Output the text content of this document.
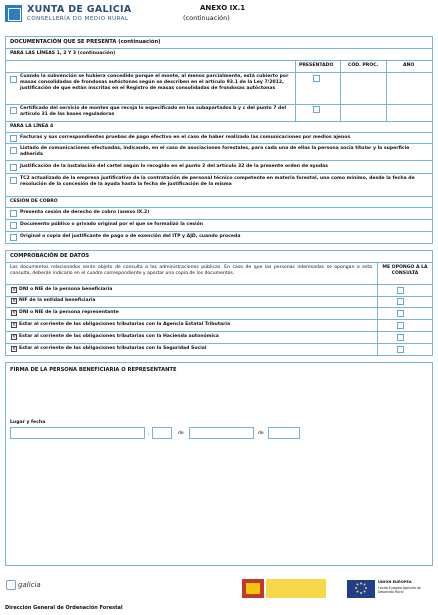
XUNTA DE GALICIA
CONSELLERÍA DO MEDIO RURAL
ANEXO IX.1
(continuación)
DOCUMENTACIÓN QUE SE PRESENTA (continuación)
PARA LAS LÍNEAS 1, 2 Y 3 (continuación)
PRESENTADO	CÓD. PROC.	AÑO
Cuando la subvención se hubiera concedido porque el monte, al menos parcialmente, está cubierto por masas consolidadas de frondosas autóctonas según se describen en el artículo 93.1 de la Ley 7/2012, justificación de que están inscritas en el Registro de masas consolidadas de frondosas autóctonas
Certificado del servicio de montes que recoja lo especificado en los subapartados b y c del punto 7 del artículo 31 de las bases reguladoras
PARA LA LÍNEA 4
Facturas y sus correspondientes pruebas de pago efectivo en el caso de haber realizado las comunicaciones por medios ajenos
Listado de comunicaciones efectuadas, indicando, en el caso de asociaciones forestales, para cada una de ellas la persona socia titular y la superficie adherida
Justificación de la instalación del cartel según lo recogido en el punto 2 del artículo 32 de la presente orden de ayudas
TC2 actualizado de la empresa justificativo de la contratación de personal técnico competente en materia forestal, uno como mínimo, desde la fecha de resolución de la concesión de la ayuda hasta la fecha de justificación de la misma
CESIÓN DE COBRO
Presenta cesión de derecho de cobro (anexo IX.2)
Documento público o privado original por el que se formalizó la cesión
Original o copia del justificante de pago o de exención del ITP y AJD, cuando proceda
COMPROBACIÓN DE DATOS
Los documentos relacionados serán objeto de consulta a las administraciones públicas. En caso de que las personas interesadas se opongan a esta consulta, deberán indicarlo en el cuadro correspondiente y aportar una copia de los documentos.
ME OPONGO A LA CONSULTA
× DNI o NIE de la persona beneficiaria
× NIF de la entidad beneficiaria
× DNI o NIE de la persona representante
× Estar al corriente de las obligaciones tributarias con la Agencia Estatal Tributaria
× Estar al corriente de las obligaciones tributarias con la Hacienda autonómica
× Estar al corriente de las obligaciones tributarias con la Seguridad Social
FIRMA DE LA PERSONA BENEFICIARIA O REPRESENTANTE
Lugar y fecha
,	de	de
galicia	UNIÓN EUROPEA
Fondo Europeo Agrícola de Desarrollo Rural
Dirección General de Ordenación Forestal
